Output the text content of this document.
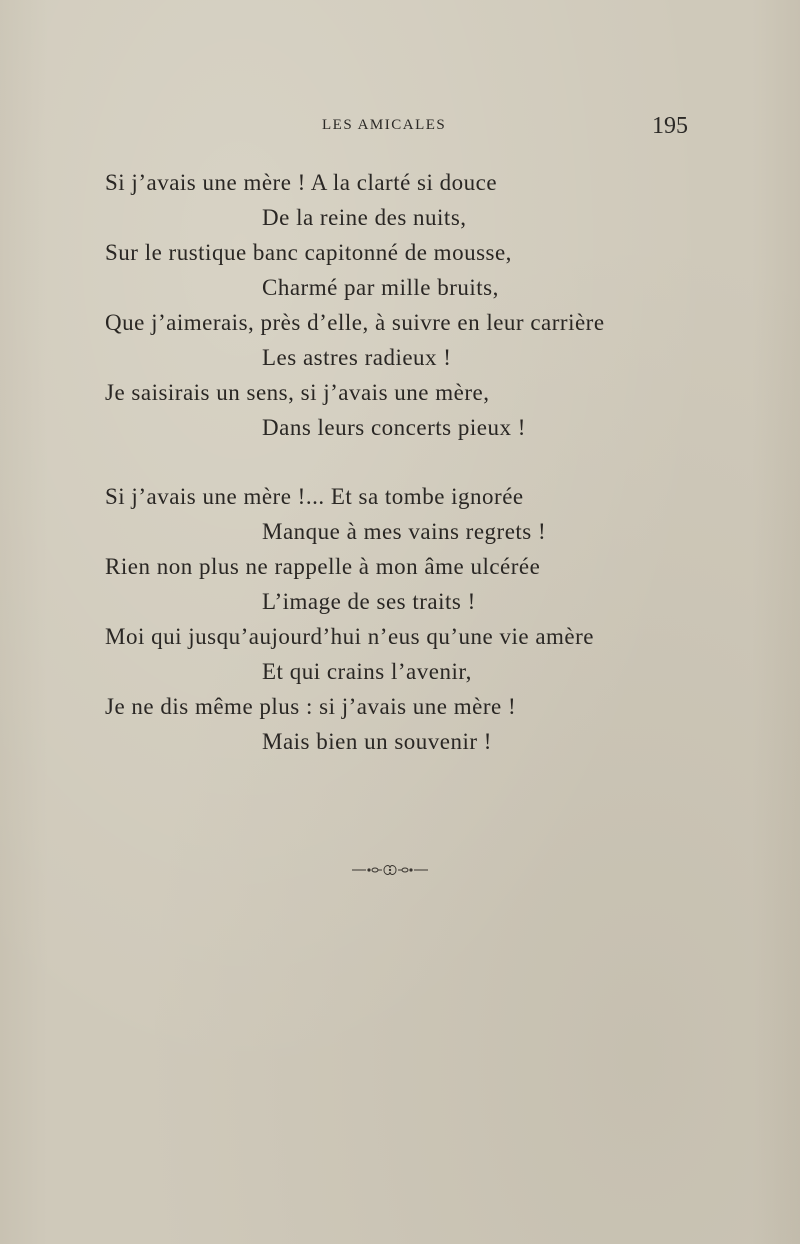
LES AMICALES	195
Si j’avais une mère ! A la clarté si douce
De la reine des nuits,
Sur le rustique banc capitonné de mousse,
Charmé par mille bruits,
Que j’aimerais, près d’elle, à suivre en leur carrière
Les astres radieux !
Je saisirais un sens, si j’avais une mère,
Dans leurs concerts pieux !
Si j’avais une mère !... Et sa tombe ignorée
Manque à mes vains regrets !
Rien non plus ne rappelle à mon âme ulcérée
L’image de ses traits !
Moi qui jusqu’aujourd’hui n’eus qu’une vie amère
Et qui crains l’avenir,
Je ne dis même plus : si j’avais une mère !
Mais bien un souvenir !
